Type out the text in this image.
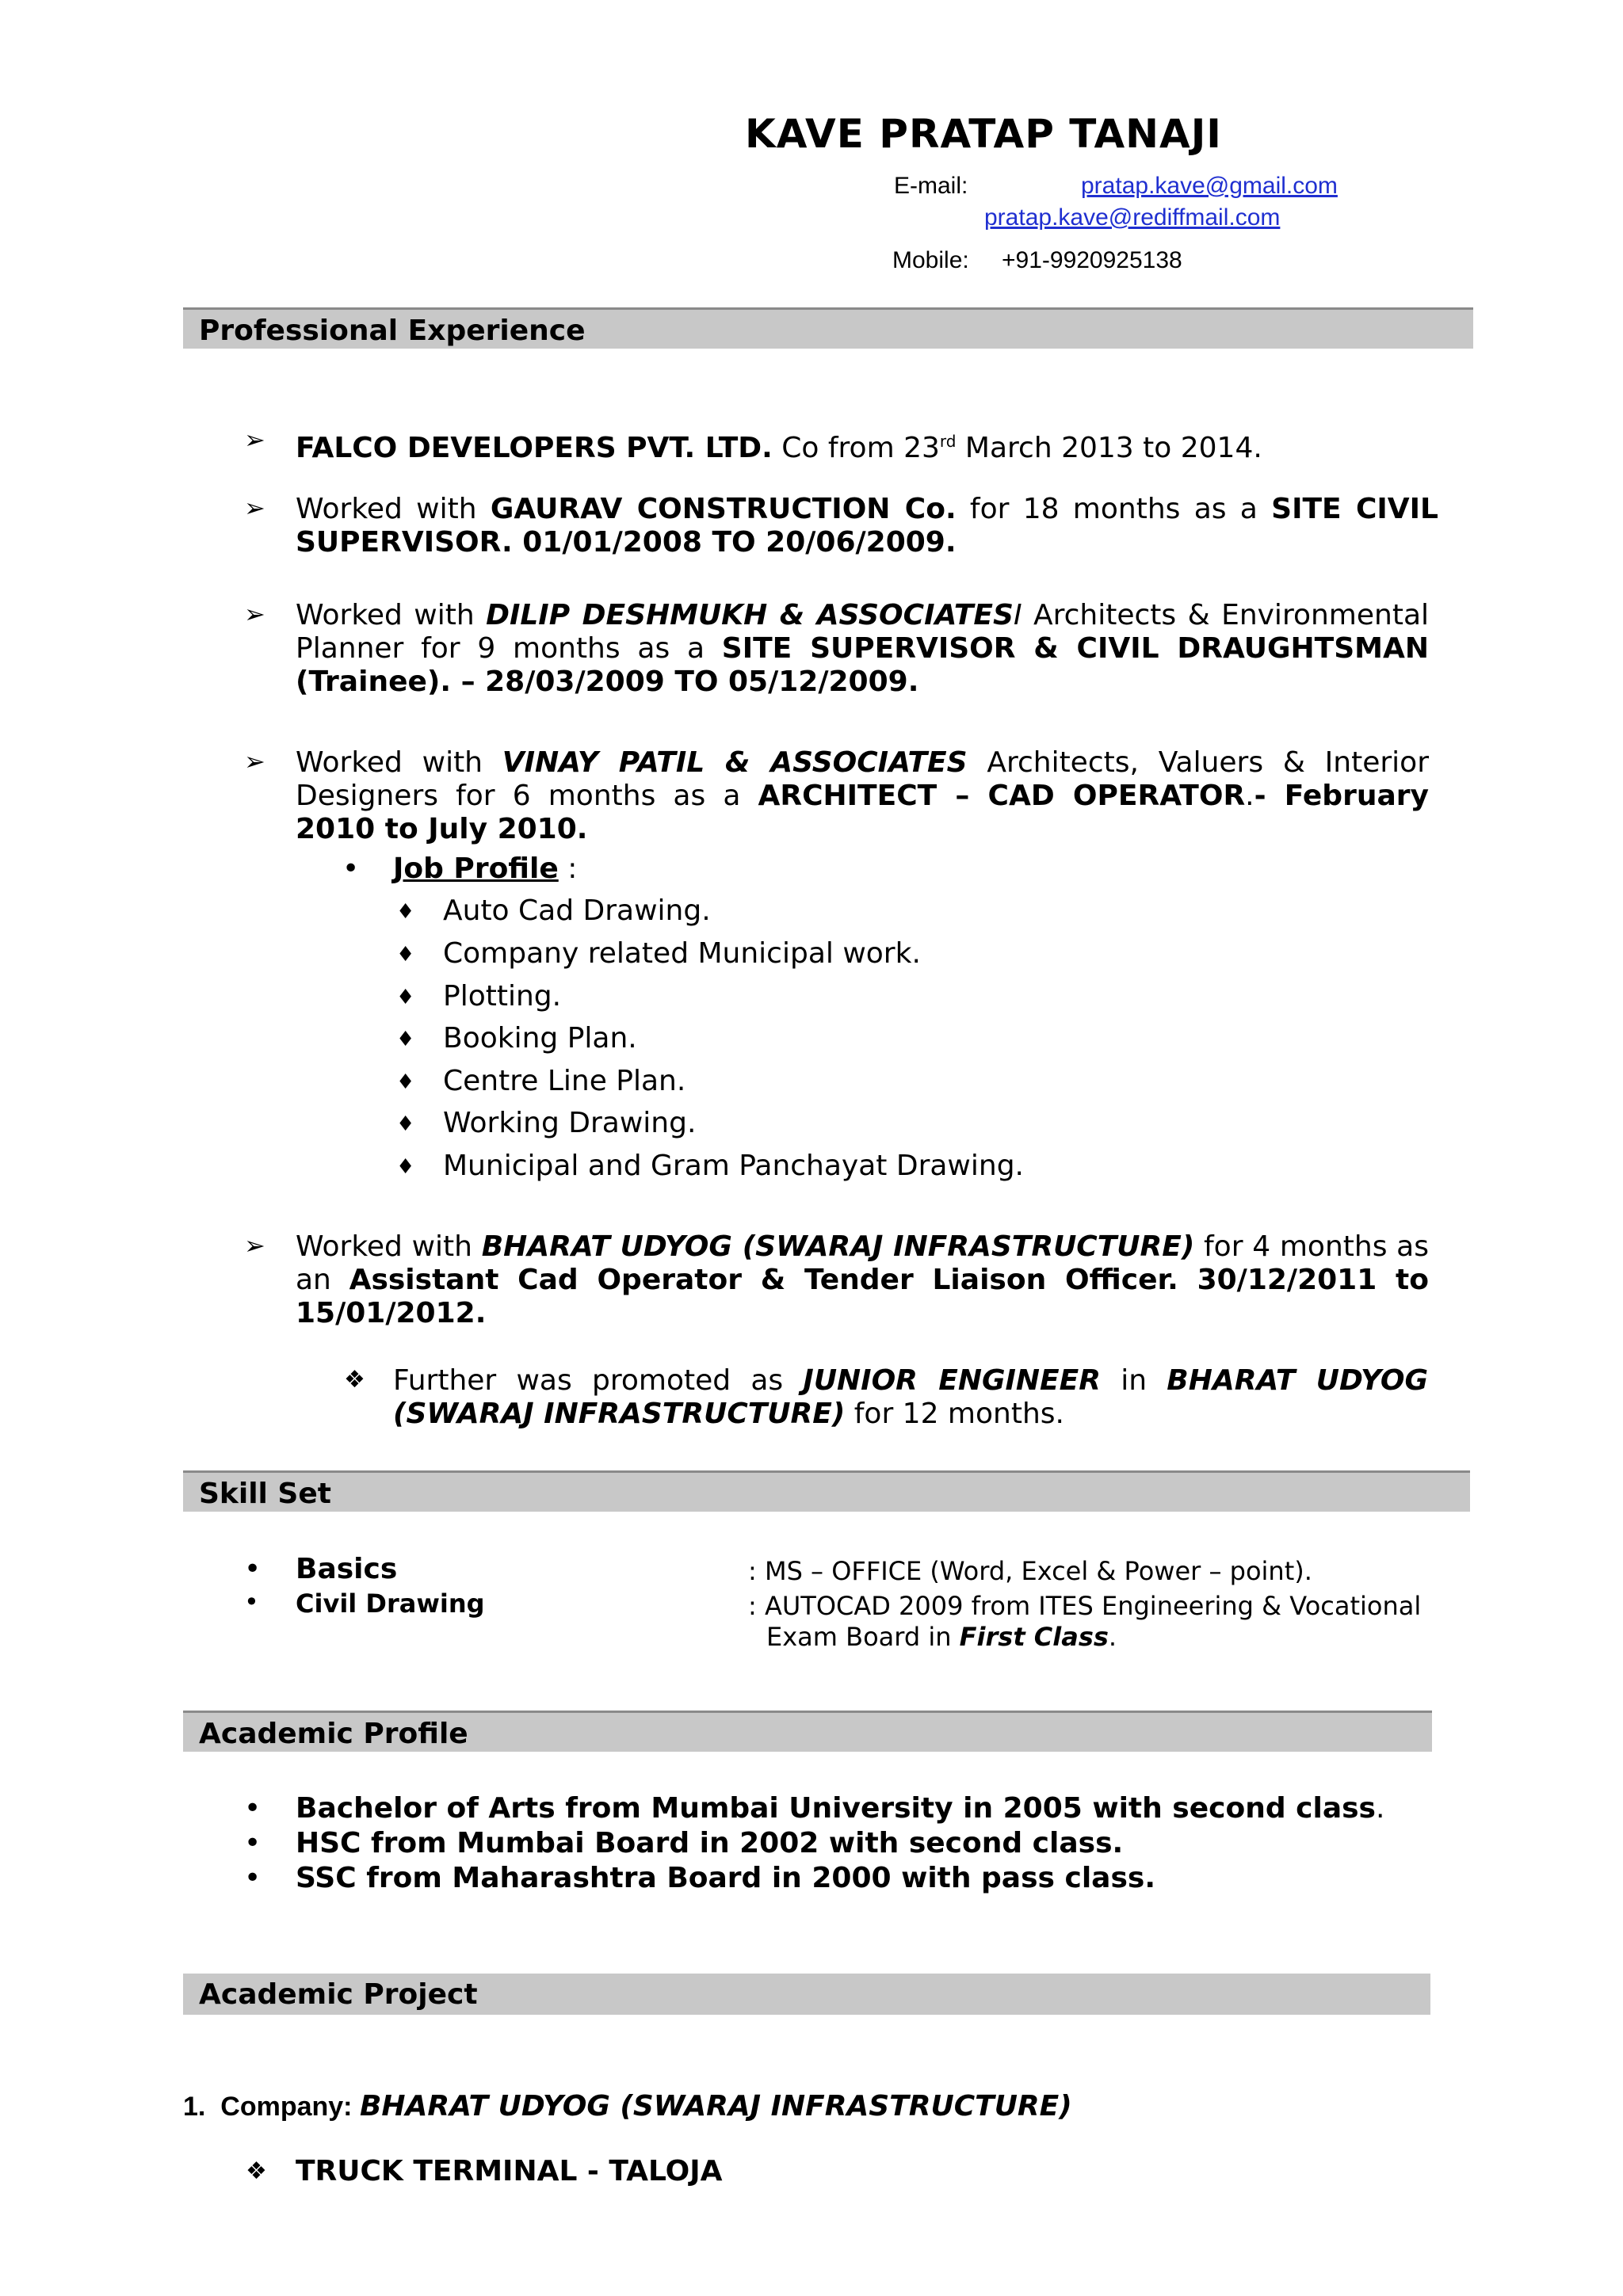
KAVE PRATAP TANAJI
E-mail:	pratap.kave@gmail.com
pratap.kave@rediffmail.com
Mobile: +91-9920925138
Professional Experience
➢ FALCO DEVELOPERS PVT. LTD. Co from 23rd March 2013 to 2014.
➢ Worked with GAURAV CONSTRUCTION Co. for 18 months as a SITE CIVIL SUPERVISOR. 01/01/2008 TO 20/06/2009.
➢ Worked with DILIP DESHMUKH & ASSOCIATESI Architects & Environmental Planner for 9 months as a SITE SUPERVISOR & CIVIL DRAUGHTSMAN (Trainee). – 28/03/2009 TO 05/12/2009.
➢ Worked with VINAY PATIL & ASSOCIATES Architects, Valuers & Interior Designers for 6 months as a ARCHITECT – CAD OPERATOR.- February 2010 to July 2010.
• Job Profile :
♦ Auto Cad Drawing.
♦ Company related Municipal work.
♦ Plotting.
♦ Booking Plan.
♦ Centre Line Plan.
♦ Working Drawing.
♦ Municipal and Gram Panchayat Drawing.
➢ Worked with BHARAT UDYOG (SWARAJ INFRASTRUCTURE) for 4 months as an Assistant Cad Operator & Tender Liaison Officer. 30/12/2011 to 15/01/2012.
❖ Further was promoted as JUNIOR ENGINEER in BHARAT UDYOG (SWARAJ INFRASTRUCTURE) for 12 months.
Skill Set
• Basics	: MS – OFFICE (Word, Excel & Power – point).
• Civil Drawing	: AUTOCAD 2009 from ITES Engineering & Vocational
Exam Board in First Class.
Academic Profile
• Bachelor of Arts from Mumbai University in 2005 with second class.
• HSC from Mumbai Board in 2002 with second class.
• SSC from Maharashtra Board in 2000 with pass class.
Academic Project
1. Company: BHARAT UDYOG (SWARAJ INFRASTRUCTURE)
❖ TRUCK TERMINAL - TALOJA
